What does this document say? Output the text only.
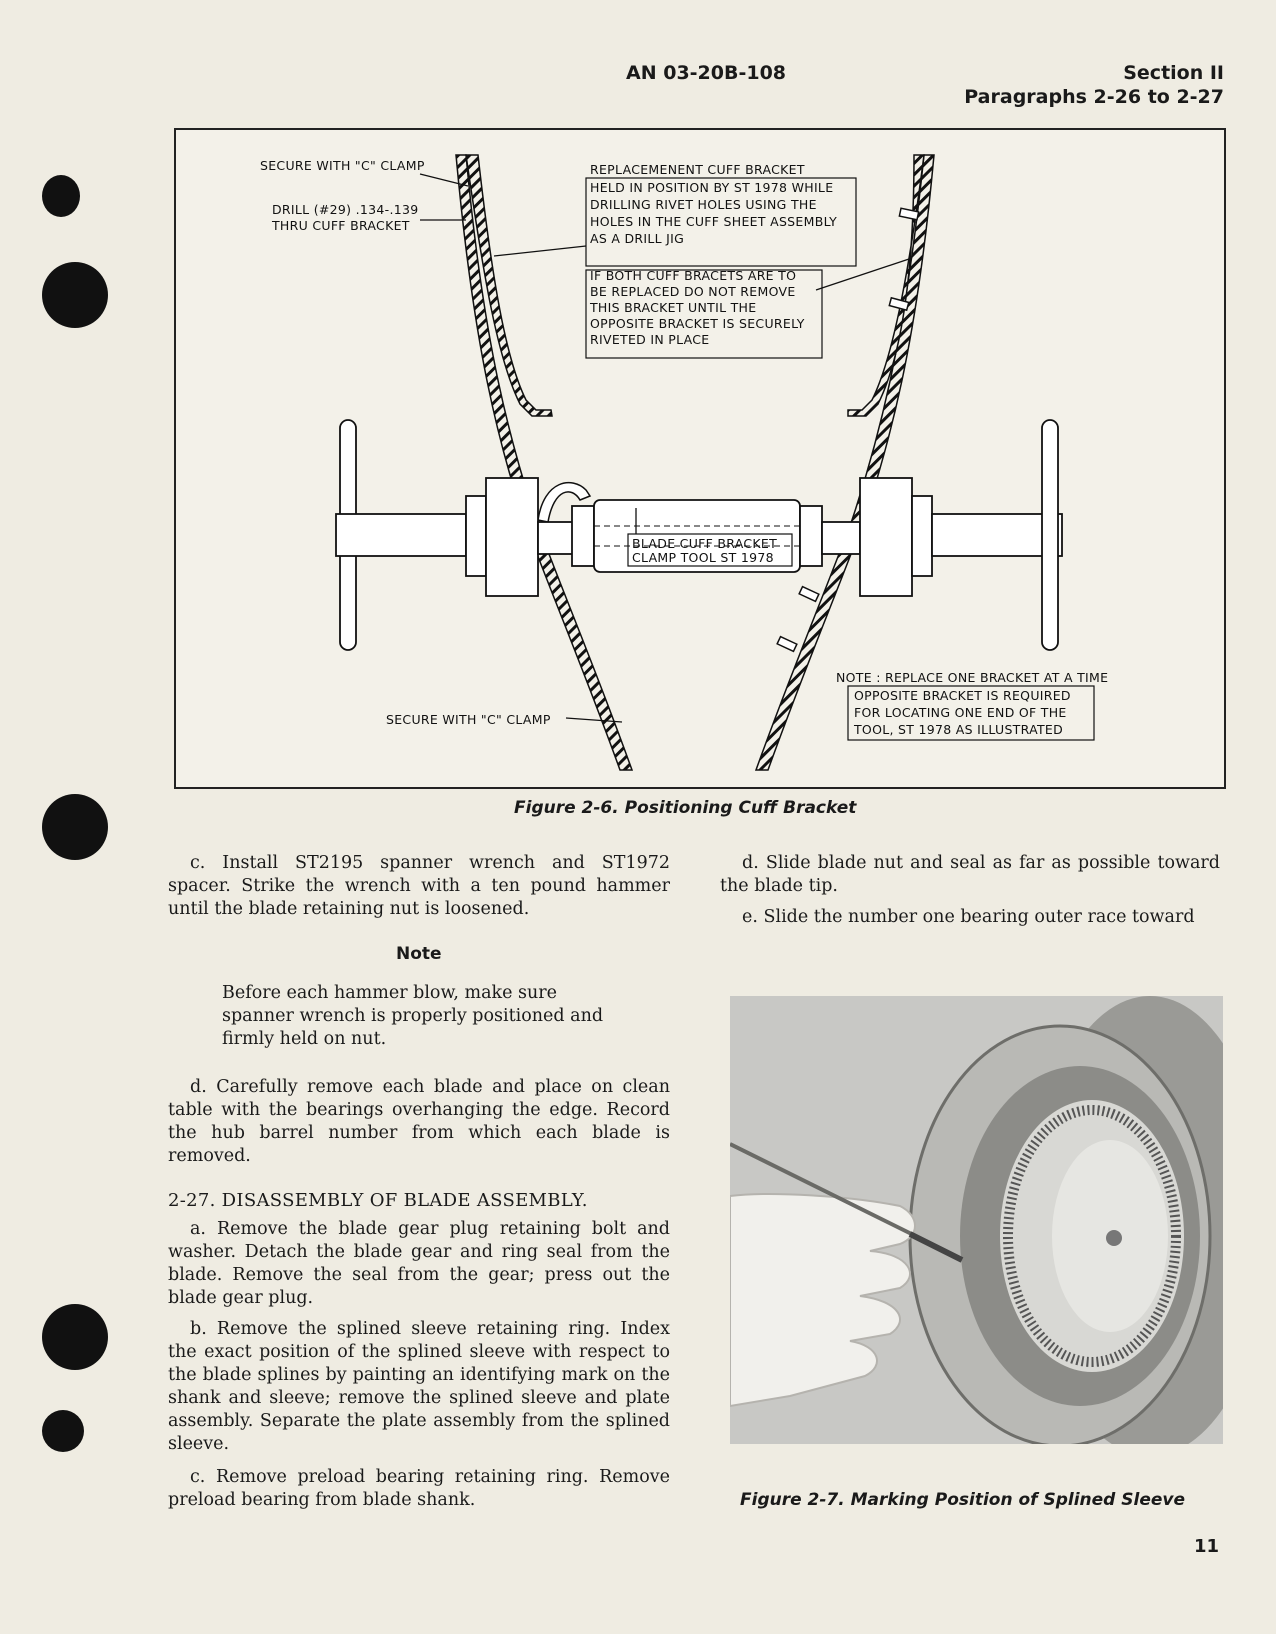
AN 03-20B-108	Section II
Paragraphs 2-26 to 2-27
SECURE WITH "C" CLAMP
DRILL (#29) .134-.139
THRU CUFF BRACKET
REPLACEMENENT CUFF BRACKET
HELD IN POSITION BY ST 1978 WHILE
DRILLING RIVET HOLES USING THE
HOLES IN THE CUFF SHEET ASSEMBLY
AS A DRILL JIG
IF BOTH CUFF BRACETS ARE TO
BE REPLACED DO NOT REMOVE
THIS BRACKET UNTIL THE
OPPOSITE BRACKET IS SECURELY
RIVETED IN PLACE
BLADE CUFF BRACKET
CLAMP TOOL ST 1978
NOTE : REPLACE ONE BRACKET AT A TIME
OPPOSITE BRACKET IS REQUIRED
FOR LOCATING ONE END OF THE
TOOL, ST 1978 AS ILLUSTRATED
SECURE WITH "C" CLAMP
Figure 2-6. Positioning Cuff Bracket

c. Install ST2195 spanner wrench and ST1972 spacer. Strike the wrench with a ten pound hammer until the blade retaining nut is loosened.

Note

Before each hammer blow, make sure spanner wrench is properly positioned and firmly held on nut.

d. Carefully remove each blade and place on clean table with the bearings overhanging the edge. Record the hub barrel number from which each blade is removed.

2-27. DISASSEMBLY OF BLADE ASSEMBLY.

a. Remove the blade gear plug retaining bolt and washer. Detach the blade gear and ring seal from the blade. Remove the seal from the gear; press out the blade gear plug.

b. Remove the splined sleeve retaining ring. Index the exact position of the splined sleeve with respect to the blade splines by painting an identifying mark on the shank and sleeve; remove the splined sleeve and plate assembly. Separate the plate assembly from the splined sleeve.

c. Remove preload bearing retaining ring. Remove preload bearing from blade shank.

d. Slide blade nut and seal as far as possible toward the blade tip.

e. Slide the number one bearing outer race toward

Figure 2-7. Marking Position of Splined Sleeve
11
